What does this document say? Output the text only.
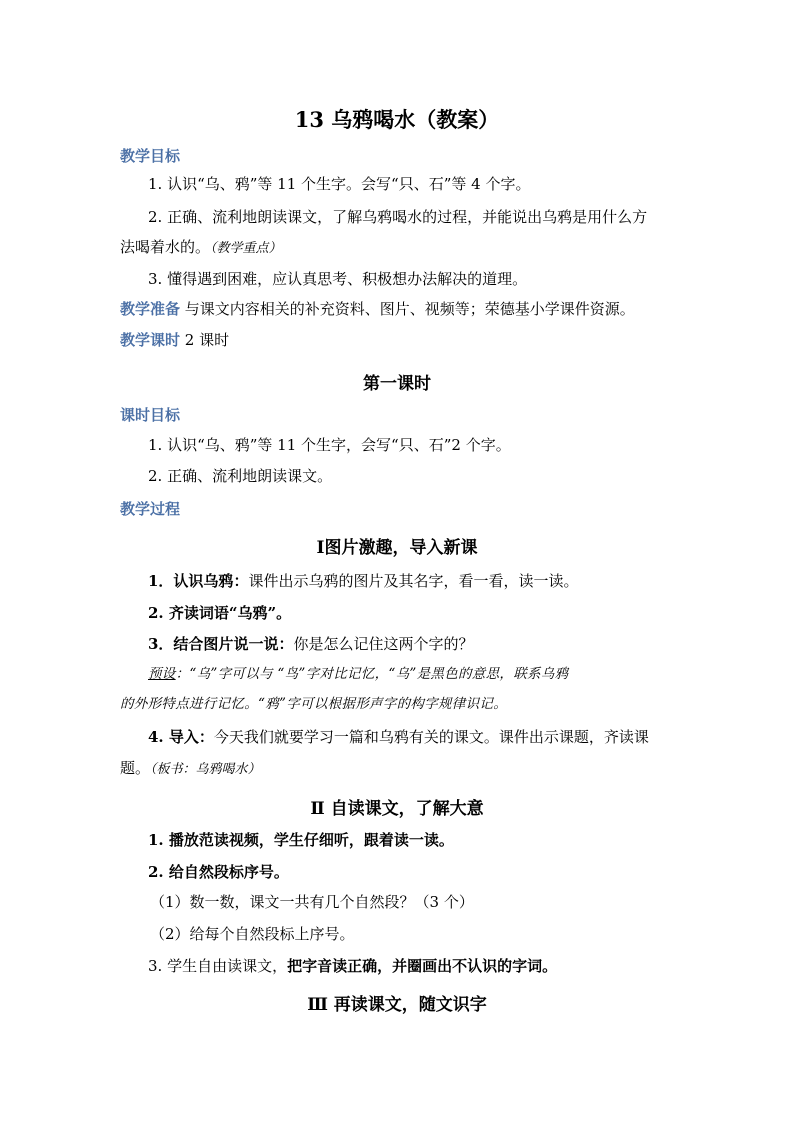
13 乌鸦喝水（教案）
教学目标
1. 认识“乌、鸦”等 11 个生字。会写“只、石”等 4 个字。
2. 正确、流利地朗读课文，了解乌鸦喝水的过程，并能说出乌鸦是用什么方
法喝着水的。（教学重点）
3. 懂得遇到困难，应认真思考、积极想办法解决的道理。
教学准备 与课文内容相关的补充资料、图片、视频等；荣德基小学课件资源。
教学课时 2 课时
第一课时
课时目标
1. 认识“乌、鸦”等 11 个生字，会写“只、石”2 个字。
2. 正确、流利地朗读课文。
教学过程
Ⅰ图片激趣，导入新课
1．认识乌鸦：课件出示乌鸦的图片及其名字，看一看，读一读。
2. 齐读词语“乌鸦”。
3．结合图片说一说：你是怎么记住这两个字的？
预设：“乌”字可以与 “鸟”字对比记忆，“乌”是黑色的意思，联系乌鸦
的外形特点进行记忆。“鸦”字可以根据形声字的构字规律识记。
4. 导入：今天我们就要学习一篇和乌鸦有关的课文。课件出示课题，齐读课
题。（板书：乌鸦喝水）
Ⅱ 自读课文，了解大意
1. 播放范读视频，学生仔细听，跟着读一读。
2. 给自然段标序号。
（1）数一数，课文一共有几个自然段？（3 个）
（2）给每个自然段标上序号。
3. 学生自由读课文，把字音读正确，并圈画出不认识的字词。
Ⅲ 再读课文，随文识字
